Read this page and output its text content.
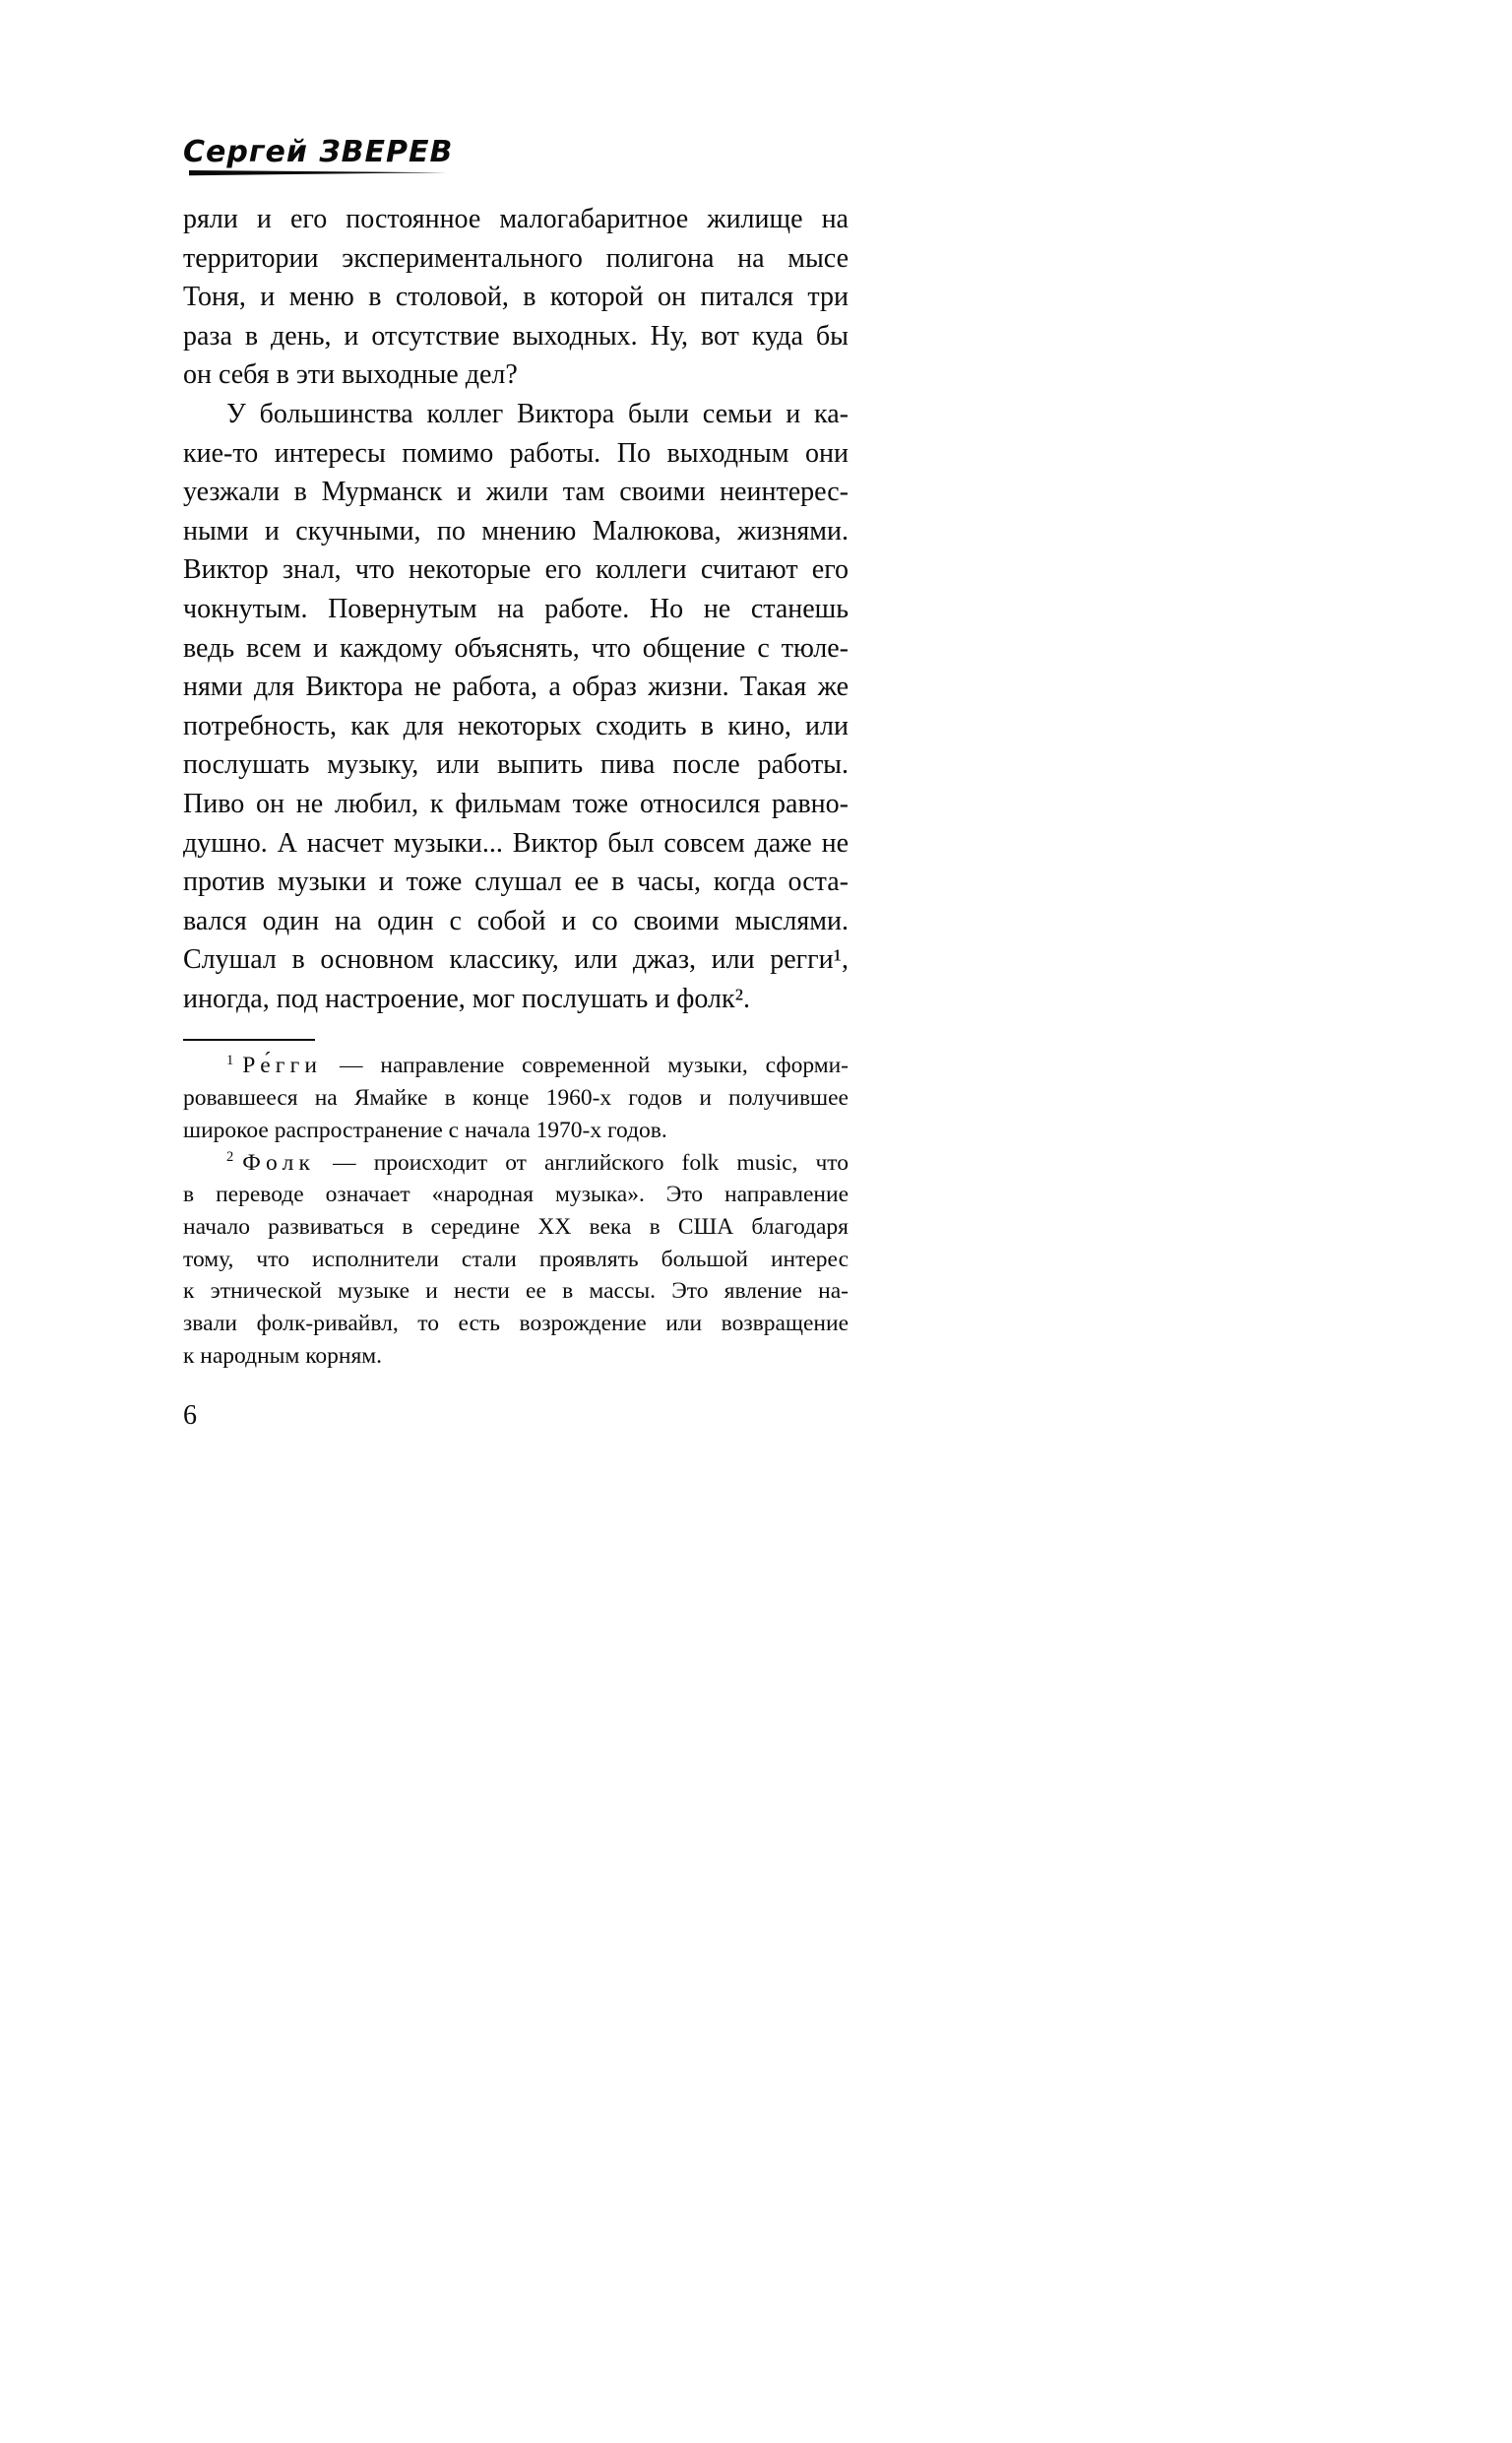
Сергей ЗВЕРЕВ
ряли и его постоянное малогабаритное жилище на
территории экспериментального полигона на мысе
Тоня, и меню в столовой, в которой он питался три
раза в день, и отсутствие выходных. Ну, вот куда бы
он себя в эти выходные дел?
У большинства коллег Виктора были семьи и ка-
кие-то интересы помимо работы. По выходным они
уезжали в Мурманск и жили там своими неинтерес-
ными и скучными, по мнению Малюкова, жизнями.
Виктор знал, что некоторые его коллеги считают его
чокнутым. Повернутым на работе. Но не станешь
ведь всем и каждому объяснять, что общение с тюле-
нями для Виктора не работа, а образ жизни. Такая же
потребность, как для некоторых сходить в кино, или
послушать музыку, или выпить пива после работы.
Пиво он не любил, к фильмам тоже относился равно-
душно. А насчет музыки... Виктор был совсем даже не
против музыки и тоже слушал ее в часы, когда оста-
вался один на один с собой и со своими мыслями.
Слушал в основном классику, или джаз, или регги¹,
иногда, под настроение, мог послушать и фолк².
$^1$ Ре́гги — направление современной музыки, сформи-
ровавшееся на Ямайке в конце 1960-х годов и получившее
широкое распространение с начала 1970-х годов.
$^2$ Фолк — происходит от английского folk music, что
в переводе означает «народная музыка». Это направление
начало развиваться в середине XX века в США благодаря
тому, что исполнители стали проявлять большой интерес
к этнической музыке и нести ее в массы. Это явление на-
звали фолк-ривайвл, то есть возрождение или возвращение
к народным корням.
6
